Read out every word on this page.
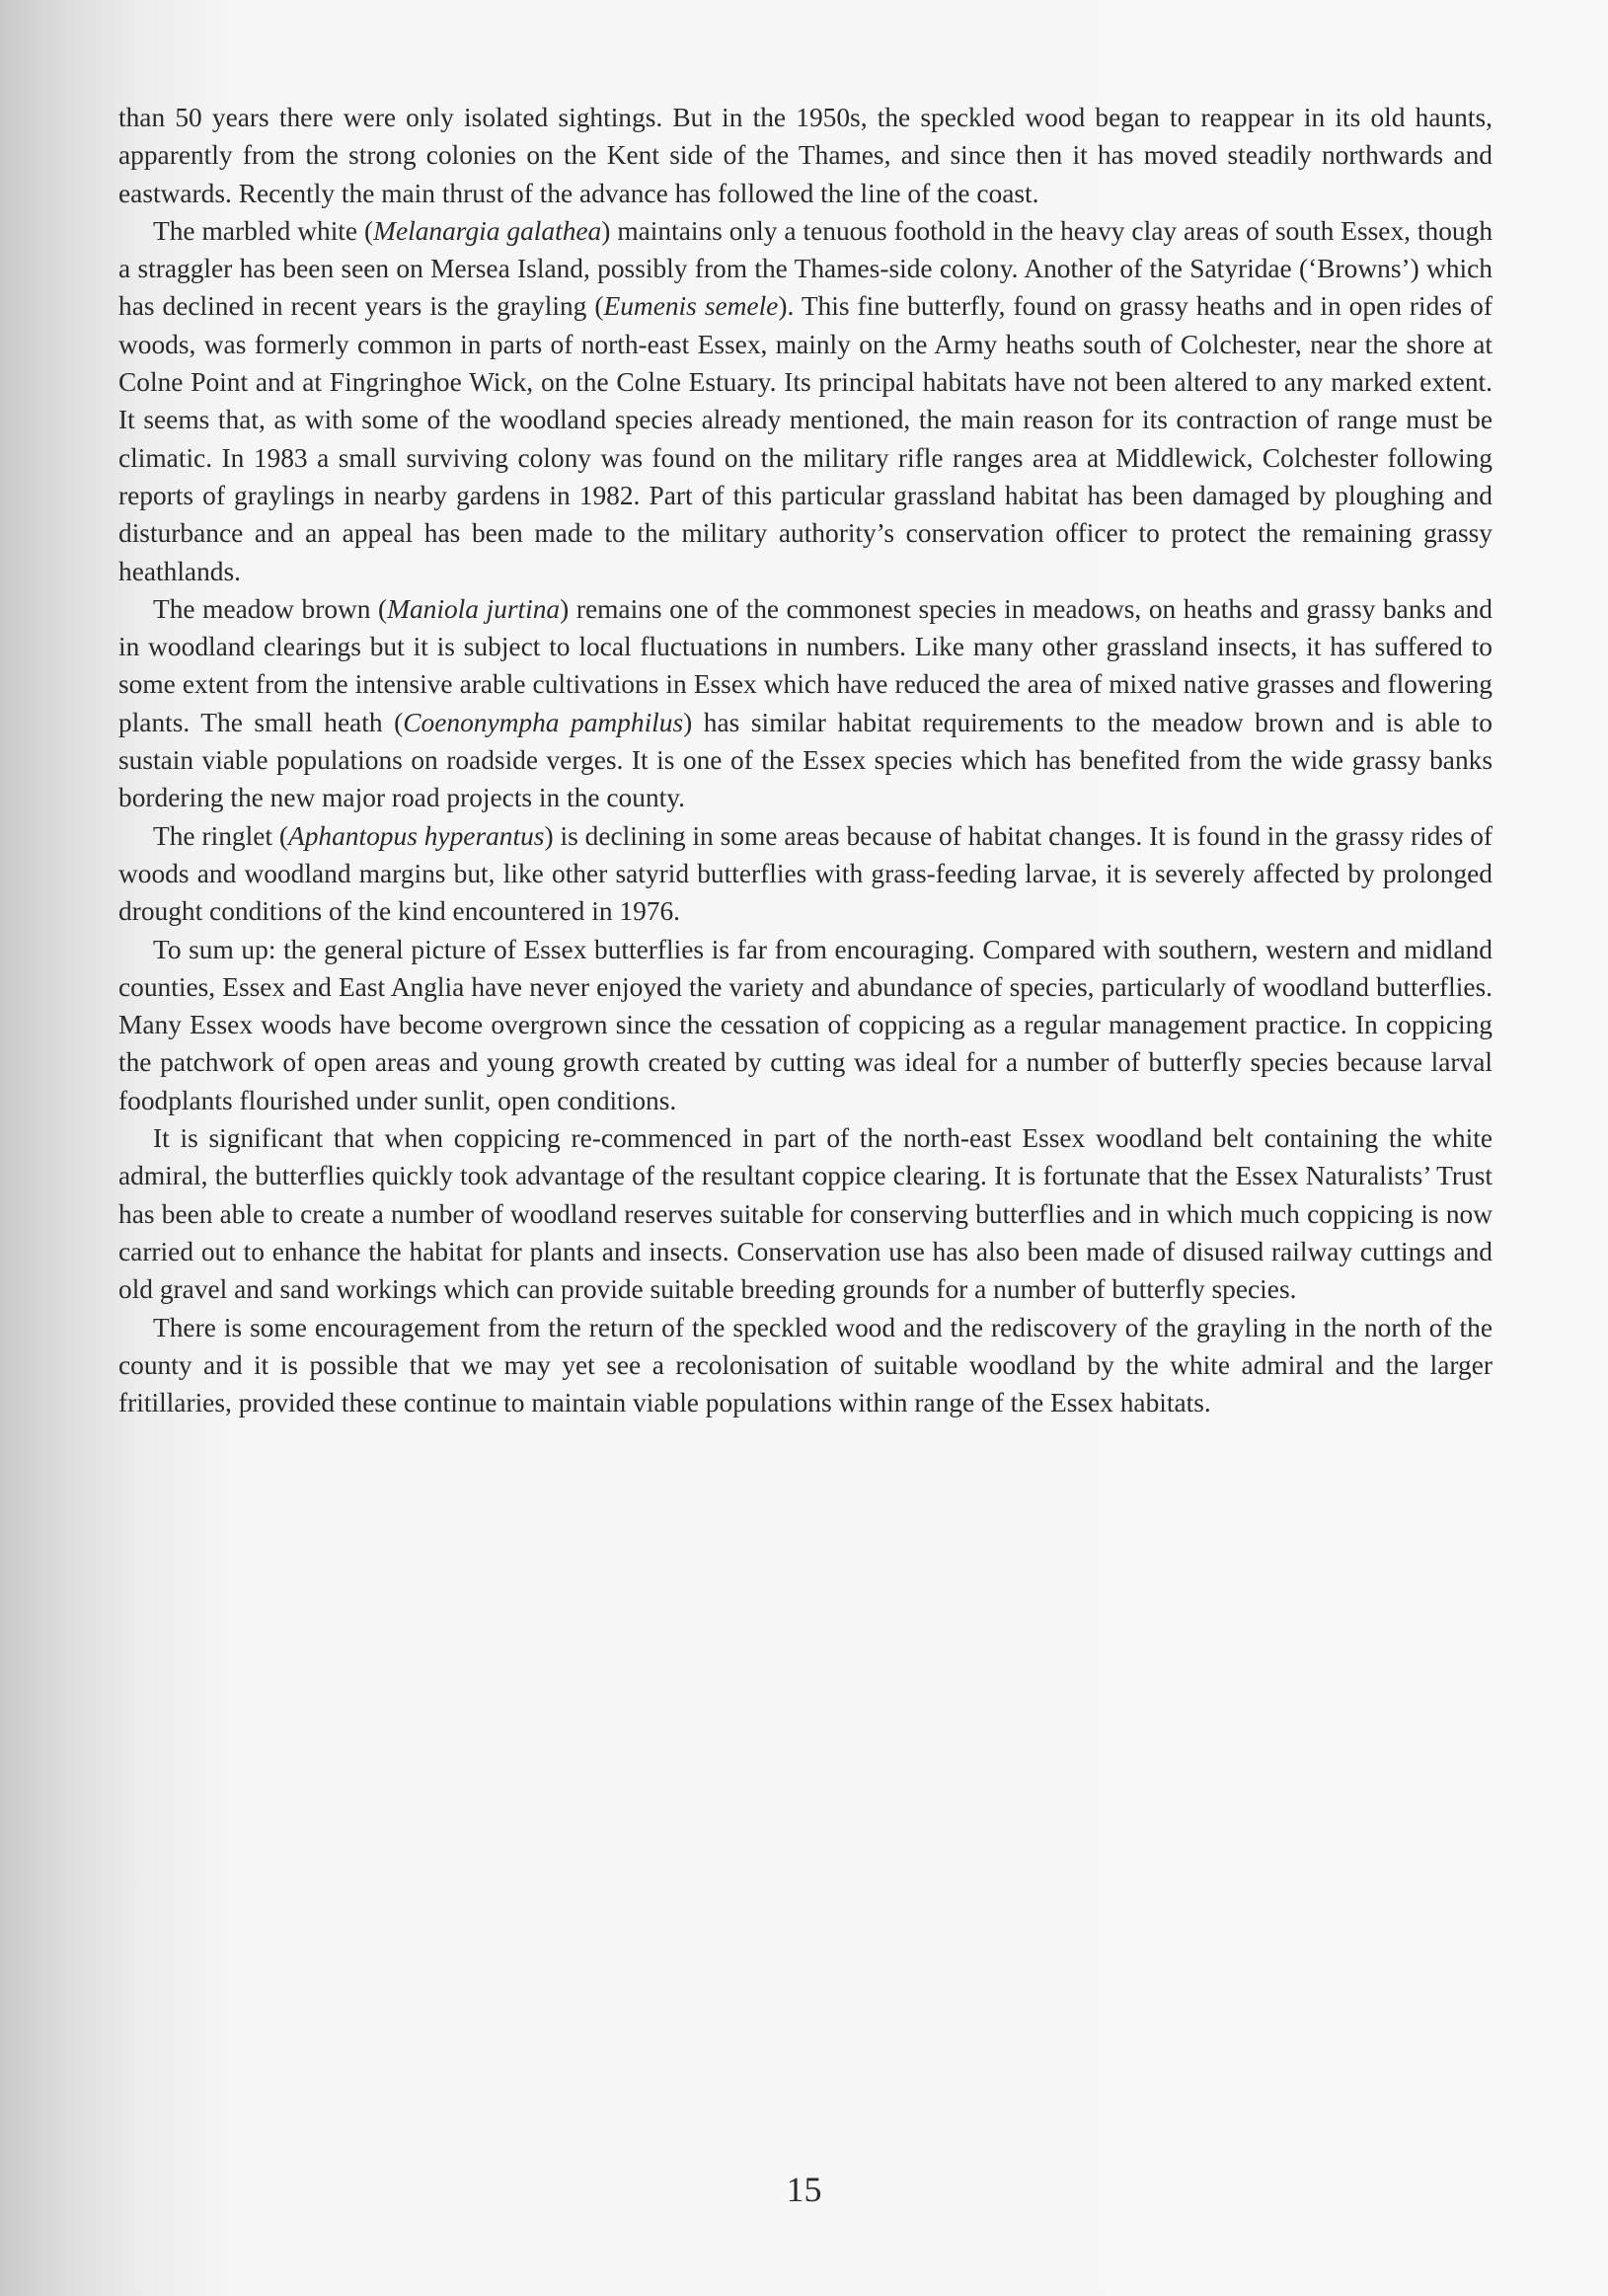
than 50 years there were only isolated sightings. But in the 1950s, the speckled wood began to reappear in its old haunts, apparently from the strong colonies on the Kent side of the Thames, and since then it has moved steadily northwards and eastwards. Recently the main thrust of the advance has followed the line of the coast.

The marbled white (Melanargia galathea) maintains only a tenuous foothold in the heavy clay areas of south Essex, though a straggler has been seen on Mersea Island, possibly from the Thames-side colony. Another of the Satyridae (‘Browns’) which has declined in recent years is the grayling (Eumenis semele). This fine butterfly, found on grassy heaths and in open rides of woods, was formerly common in parts of north-east Essex, mainly on the Army heaths south of Colchester, near the shore at Colne Point and at Fingringhoe Wick, on the Colne Estuary. Its principal habitats have not been altered to any marked extent. It seems that, as with some of the woodland species already mentioned, the main reason for its contraction of range must be climatic. In 1983 a small surviving colony was found on the military rifle ranges area at Middlewick, Colchester following reports of graylings in nearby gardens in 1982. Part of this particular grassland habitat has been damaged by ploughing and disturbance and an appeal has been made to the military authority’s conservation officer to protect the remaining grassy heathlands.

The meadow brown (Maniola jurtina) remains one of the commonest species in meadows, on heaths and grassy banks and in woodland clearings but it is subject to local fluctuations in numbers. Like many other grassland insects, it has suffered to some extent from the intensive arable cultivations in Essex which have reduced the area of mixed native grasses and flowering plants. The small heath (Coenonympha pamphilus) has similar habitat requirements to the meadow brown and is able to sustain viable populations on roadside verges. It is one of the Essex species which has benefited from the wide grassy banks bordering the new major road projects in the county.

The ringlet (Aphantopus hyperantus) is declining in some areas because of habitat changes. It is found in the grassy rides of woods and woodland margins but, like other satyrid butterflies with grass-feeding larvae, it is severely affected by prolonged drought conditions of the kind encountered in 1976.

To sum up: the general picture of Essex butterflies is far from encouraging. Compared with southern, western and midland counties, Essex and East Anglia have never enjoyed the variety and abundance of species, particularly of woodland butterflies. Many Essex woods have become overgrown since the cessation of coppicing as a regular management practice. In coppicing the patchwork of open areas and young growth created by cutting was ideal for a number of butterfly species because larval foodplants flourished under sunlit, open conditions.

It is significant that when coppicing re-commenced in part of the north-east Essex woodland belt containing the white admiral, the butterflies quickly took advantage of the resultant coppice clearing. It is fortunate that the Essex Naturalists’ Trust has been able to create a number of woodland reserves suitable for conserving butterflies and in which much coppicing is now carried out to enhance the habitat for plants and insects. Conservation use has also been made of disused railway cuttings and old gravel and sand workings which can provide suitable breeding grounds for a number of butterfly species.

There is some encouragement from the return of the speckled wood and the rediscovery of the grayling in the north of the county and it is possible that we may yet see a recolonisation of suitable woodland by the white admiral and the larger fritillaries, provided these continue to maintain viable populations within range of the Essex habitats.

15
